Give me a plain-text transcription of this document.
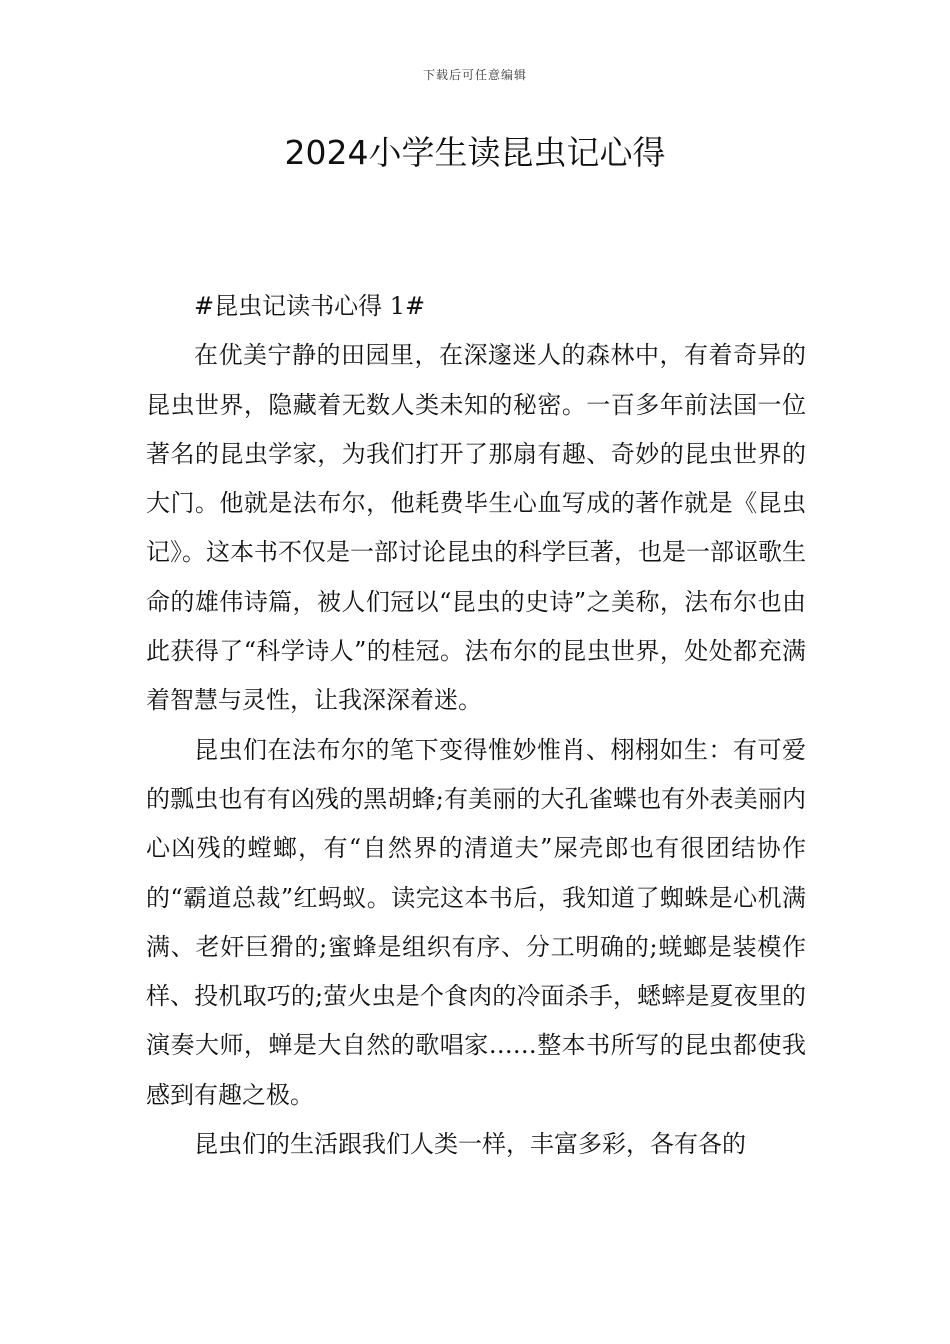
下载后可任意编辑
2024小学生读昆虫记心得

#昆虫记读书心得 1#

在优美宁静的田园里，在深邃迷人的森林中，有着奇异的昆虫世界，隐藏着无数人类未知的秘密。一百多年前法国一位著名的昆虫学家，为我们打开了那扇有趣、奇妙的昆虫世界的大门。他就是法布尔，他耗费毕生心血写成的著作就是《昆虫记》。这本书不仅是一部讨论昆虫的科学巨著，也是一部讴歌生命的雄伟诗篇，被人们冠以“昆虫的史诗”之美称，法布尔也由此获得了“科学诗人”的桂冠。法布尔的昆虫世界，处处都充满着智慧与灵性，让我深深着迷。

昆虫们在法布尔的笔下变得惟妙惟肖、栩栩如生：有可爱的瓢虫也有有凶残的黑胡蜂;有美丽的大孔雀蝶也有外表美丽内心凶残的螳螂，有“自然界的清道夫”屎壳郎也有很团结协作的“霸道总裁”红蚂蚁。读完这本书后，我知道了蜘蛛是心机满满、老奸巨猾的;蜜蜂是组织有序、分工明确的;蜣螂是装模作样、投机取巧的;萤火虫是个食肉的冷面杀手，蟋蟀是夏夜里的演奏大师，蝉是大自然的歌唱家……整本书所写的昆虫都使我感到有趣之极。

昆虫们的生活跟我们人类一样，丰富多彩，各有各的
